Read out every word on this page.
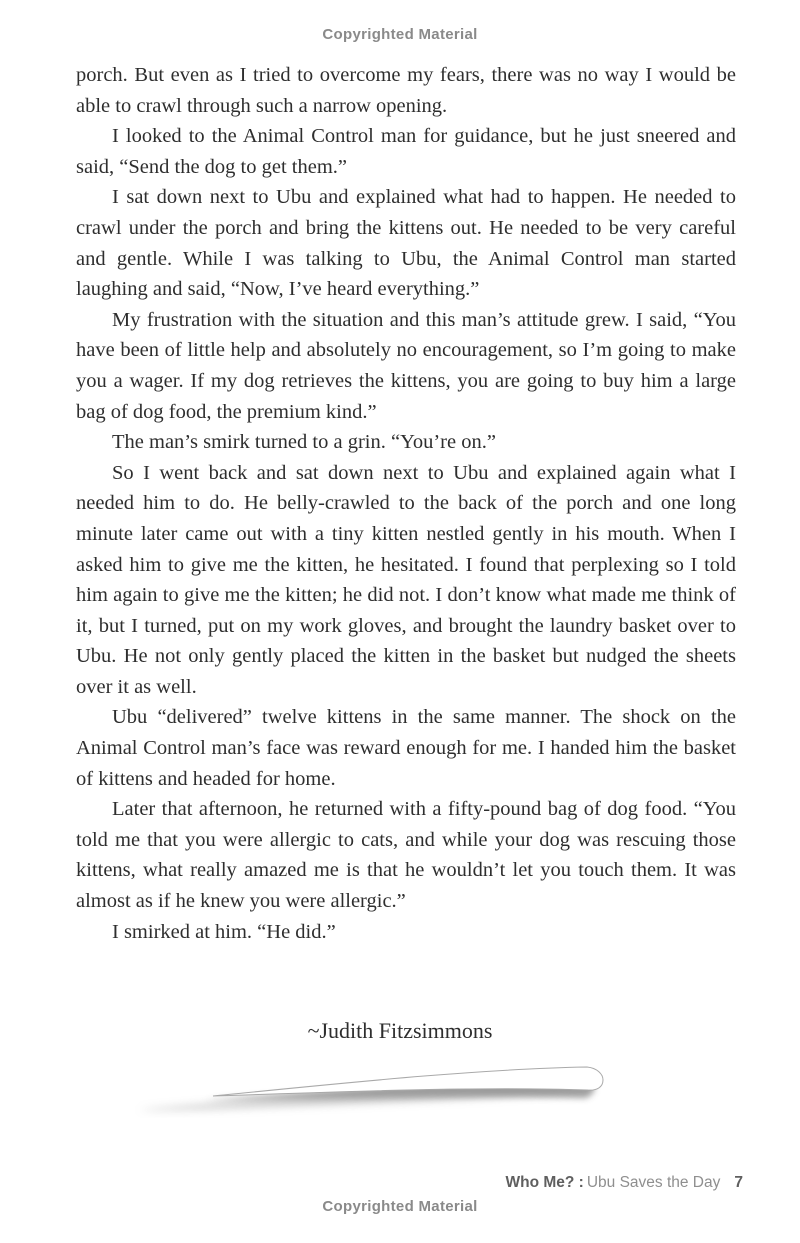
Copyrighted Material

porch. But even as I tried to overcome my fears, there was no way I would be able to crawl through such a narrow opening.

I looked to the Animal Control man for guidance, but he just sneered and said, “Send the dog to get them.”

I sat down next to Ubu and explained what had to happen. He needed to crawl under the porch and bring the kittens out. He needed to be very careful and gentle. While I was talking to Ubu, the Animal Control man started laughing and said, “Now, I’ve heard everything.”

My frustration with the situation and this man’s attitude grew. I said, “You have been of little help and absolutely no encouragement, so I’m going to make you a wager. If my dog retrieves the kittens, you are going to buy him a large bag of dog food, the premium kind.”

The man’s smirk turned to a grin. “You’re on.”

So I went back and sat down next to Ubu and explained again what I needed him to do. He belly-crawled to the back of the porch and one long minute later came out with a tiny kitten nestled gently in his mouth. When I asked him to give me the kitten, he hesitated. I found that perplexing so I told him again to give me the kitten; he did not. I don’t know what made me think of it, but I turned, put on my work gloves, and brought the laundry basket over to Ubu. He not only gently placed the kitten in the basket but nudged the sheets over it as well.

Ubu “delivered” twelve kittens in the same manner. The shock on the Animal Control man’s face was reward enough for me. I handed him the basket of kittens and headed for home.

Later that afternoon, he returned with a fifty-pound bag of dog food. “You told me that you were allergic to cats, and while your dog was rescuing those kittens, what really amazed me is that he wouldn’t let you touch them. It was almost as if he knew you were allergic.”

I smirked at him. “He did.”

~Judith Fitzsimmons
Who Me? : Ubu Saves the Day 7
Copyrighted Material
